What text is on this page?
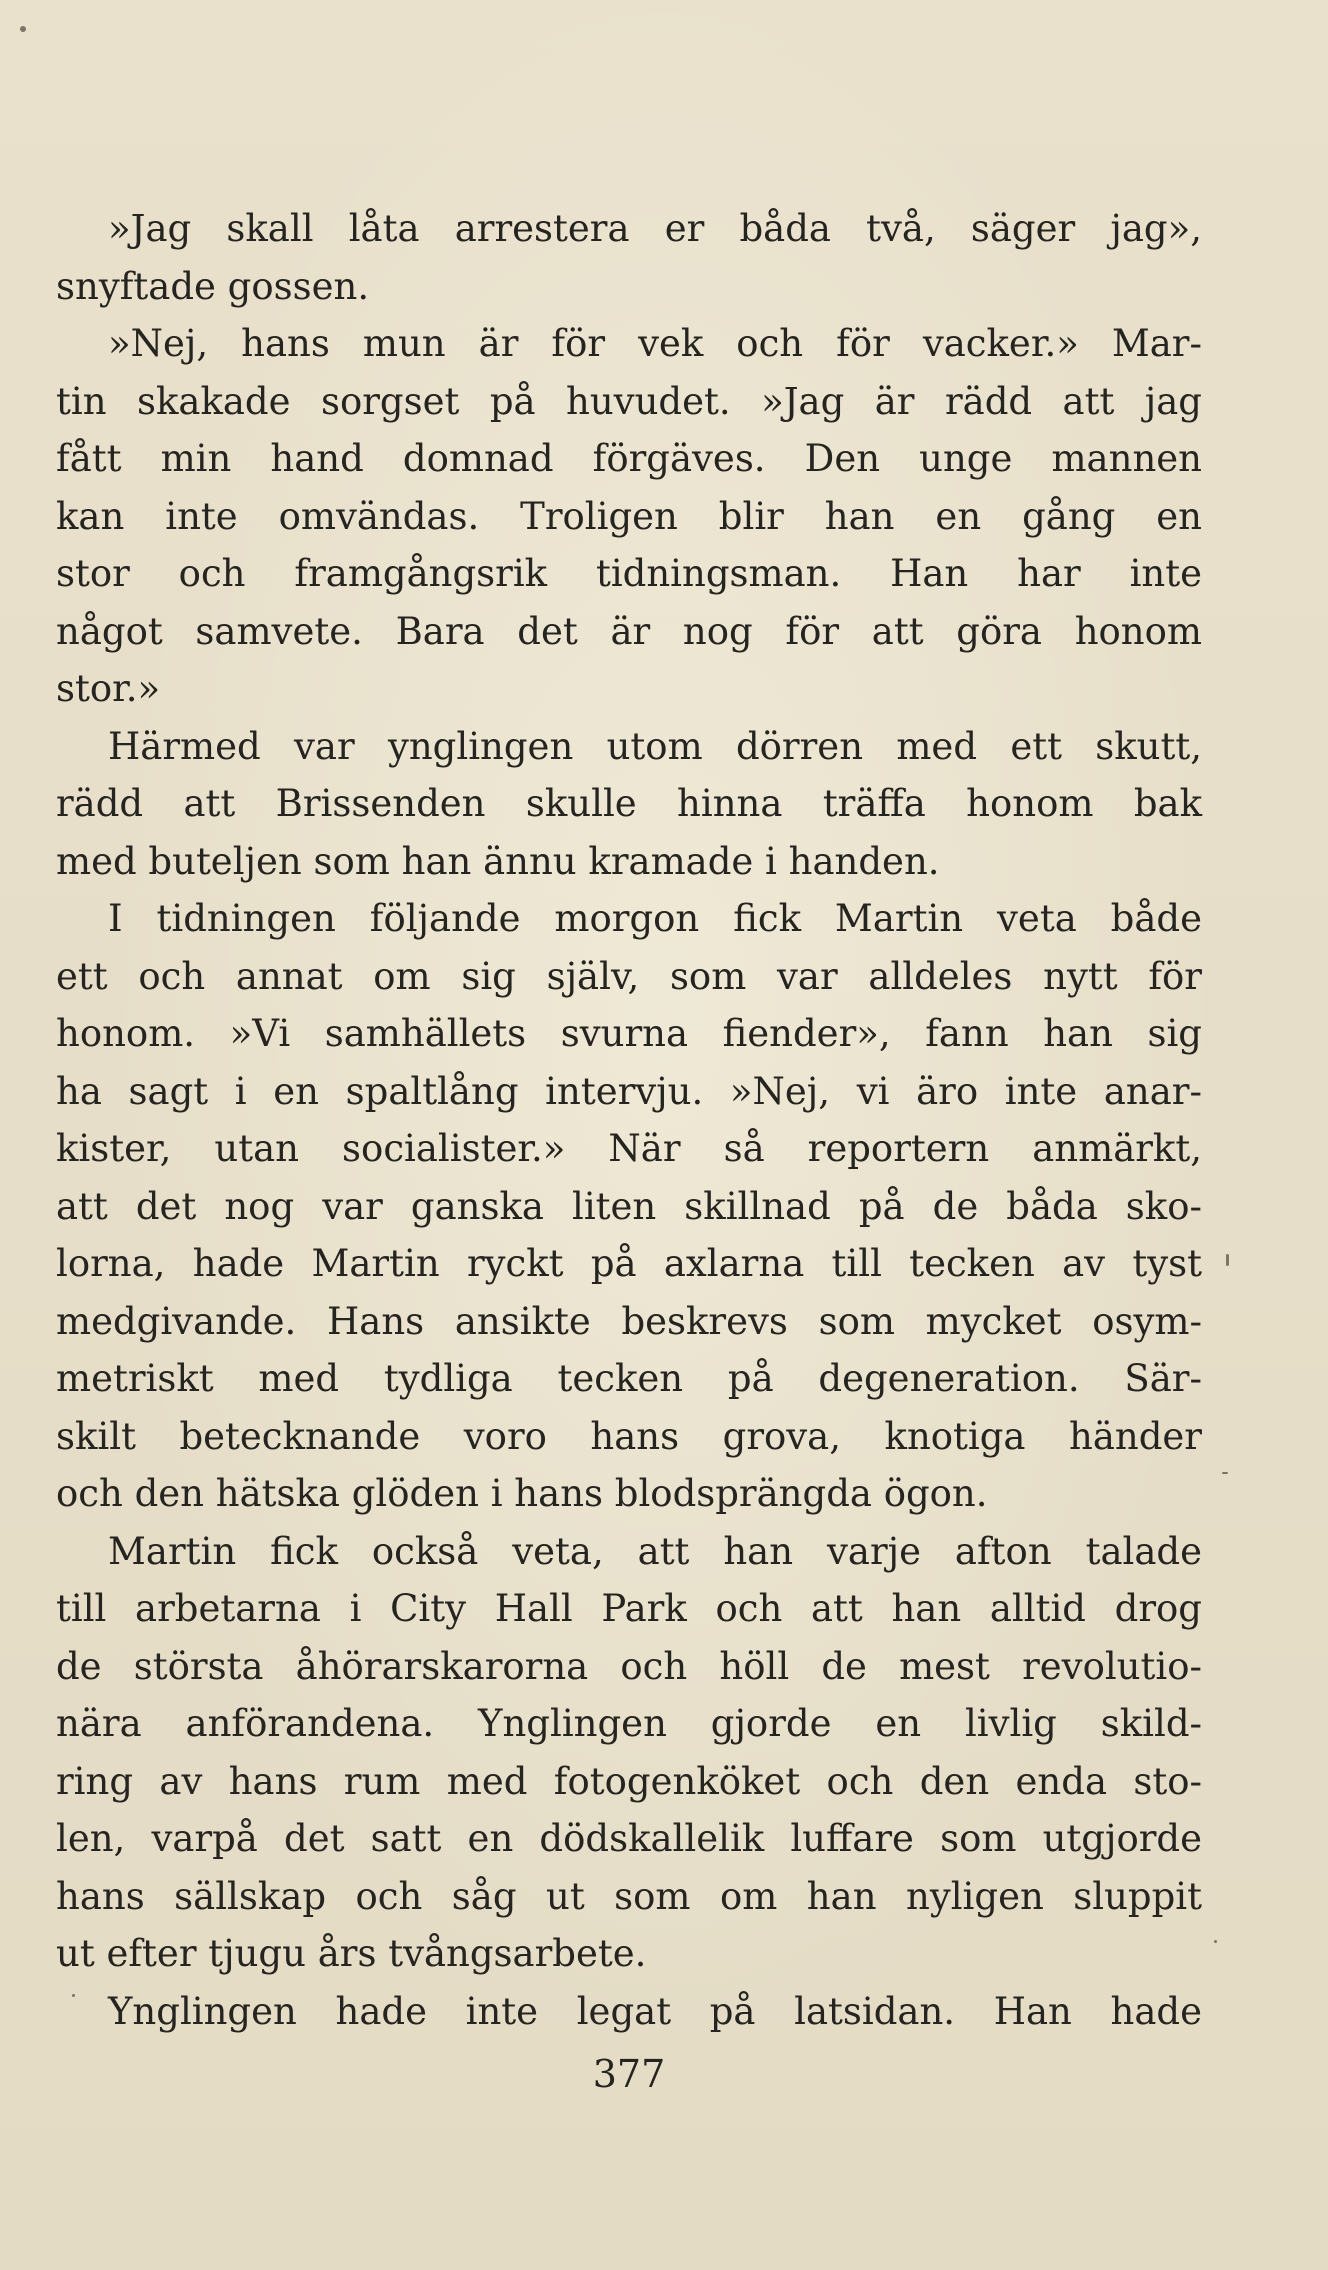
»Jag skall låta arrestera er båda två, säger jag»,
snyftade gossen.
»Nej, hans mun är för vek och för vacker.» Mar-
tin skakade sorgset på huvudet. »Jag är rädd att jag
fått min hand domnad förgäves. Den unge mannen
kan inte omvändas. Troligen blir han en gång en
stor och framgångsrik tidningsman. Han har inte
något samvete. Bara det är nog för att göra honom
stor.»
Härmed var ynglingen utom dörren med ett skutt,
rädd att Brissenden skulle hinna träffa honom bak
med buteljen som han ännu kramade i handen.
I tidningen följande morgon fick Martin veta både
ett och annat om sig själv, som var alldeles nytt för
honom. »Vi samhällets svurna fiender», fann han sig
ha sagt i en spaltlång intervju. »Nej, vi äro inte anar-
kister, utan socialister.» När så reportern anmärkt,
att det nog var ganska liten skillnad på de båda sko-
lorna, hade Martin ryckt på axlarna till tecken av tyst
medgivande. Hans ansikte beskrevs som mycket osym-
metriskt med tydliga tecken på degeneration. Sär-
skilt betecknande voro hans grova, knotiga händer
och den hätska glöden i hans blodsprängda ögon.
Martin fick också veta, att han varje afton talade
till arbetarna i City Hall Park och att han alltid drog
de största åhörarskarorna och höll de mest revolutio-
nära anförandena. Ynglingen gjorde en livlig skild-
ring av hans rum med fotogenköket och den enda sto-
len, varpå det satt en dödskallelik luffare som utgjorde
hans sällskap och såg ut som om han nyligen sluppit
ut efter tjugu års tvångsarbete.
Ynglingen hade inte legat på latsidan. Han hade
377
